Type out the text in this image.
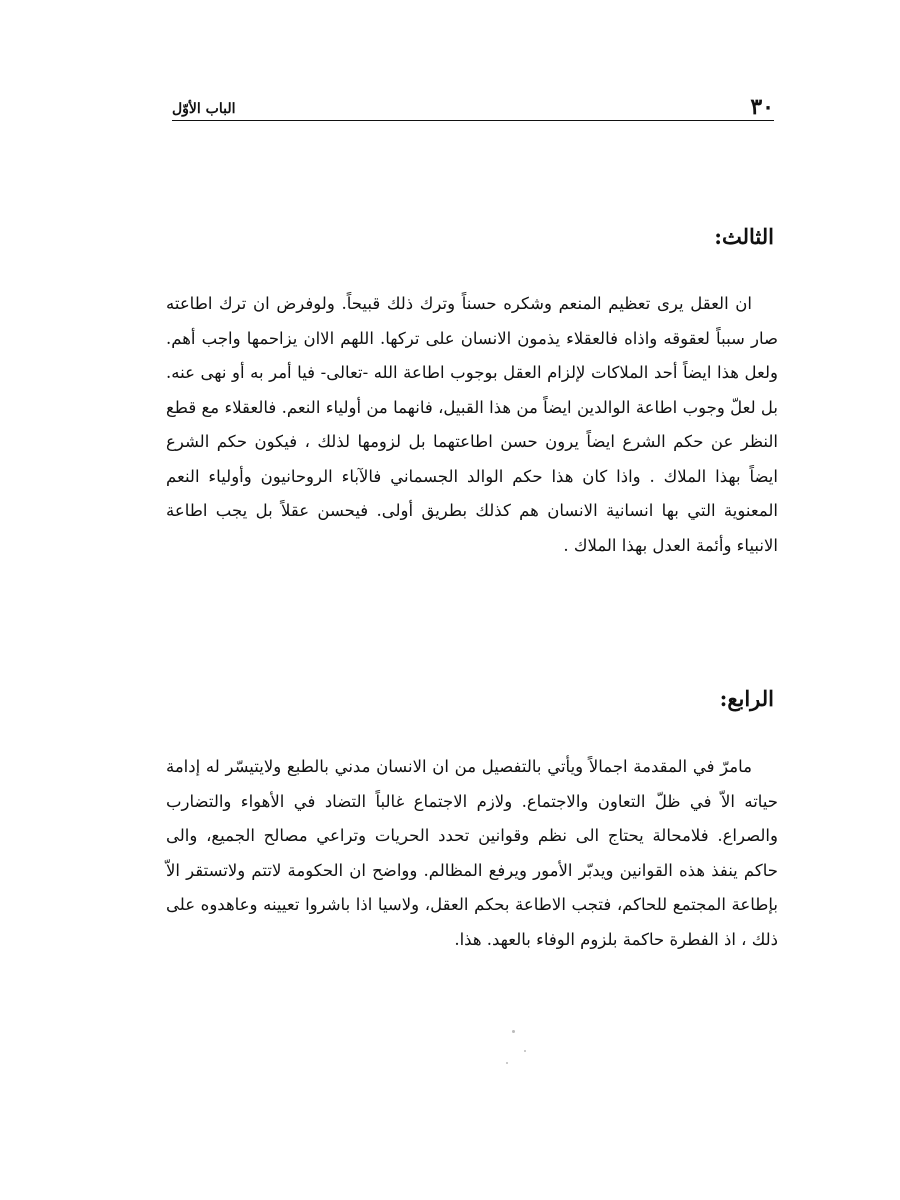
٣٠
الباب الأوّل
الثالث:

ان العقل يرى تعظيم المنعم وشكره حسناً وترك ذلك قبيحاً. ولوفرض ان ترك اطاعته صار سبباً لعقوقه واذاه فالعقلاء يذمون الانسان على تركها. اللهم الاان يزاحمها واجب أهم. ولعل هذا ايضاً أحد الملاكات لإلزام العقل بوجوب اطاعة الله -تعالى- فيا أمر به أو نهى عنه. بل لعلّ وجوب اطاعة الوالدين ايضاً من هذا القبيل، فانهما من أولياء النعم. فالعقلاء مع قطع النظر عن حكم الشرع ايضاً يرون حسن اطاعتهما بل لزومها لذلك ، فيكون حكم الشرع ايضاً بهذا الملاك . واذا كان هذا حكم الوالد الجسماني فالآباء الروحانيون وأولياء النعم المعنوية التي بها انسانية الانسان هم كذلك بطريق أولى. فيحسن عقلاً بل يجب اطاعة الانبياء وأئمة العدل بهذا الملاك .

الرابع:

مامرّ في المقدمة اجمالاً ويأتي بالتفصيل من ان الانسان مدني بالطبع ولايتيسّر له إدامة حياته الاّ في ظلّ التعاون والاجتماع. ولازم الاجتماع غالباً التضاد في الأهواء والتضارب والصراع. فلامحالة يحتاج الى نظم وقوانين تحدد الحريات وتراعي مصالح الجميع، والى حاكم ينفذ هذه القوانين ويدبّر الأمور ويرفع المظالم. وواضح ان الحكومة لاتتم ولاتستقر الاّ بإطاعة المجتمع للحاكم، فتجب الاطاعة بحكم العقل، ولاسيا اذا باشروا تعيينه وعاهدوه على ذلك ، اذ الفطرة حاكمة بلزوم الوفاء بالعهد. هذا.
